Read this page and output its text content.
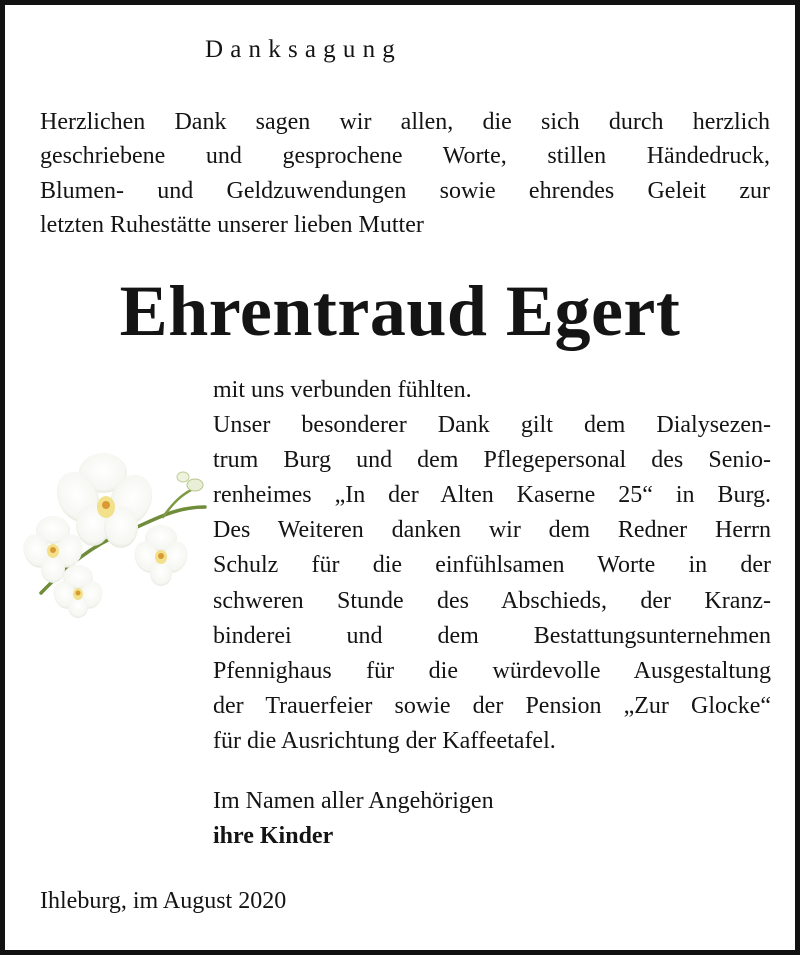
Danksagung
Herzlichen Dank sagen wir allen, die sich durch herzlich
geschriebene und gesprochene Worte, stillen Händedruck,
Blumen- und Geldzuwendungen sowie ehrendes Geleit zur
letzten Ruhestätte unserer lieben Mutter
Ehrentraud Egert
mit uns verbunden fühlten.
Unser besonderer Dank gilt dem Dialysezen-
trum Burg und dem Pflegepersonal des Senio-
renheimes „In der Alten Kaserne 25“ in Burg.
Des Weiteren danken wir dem Redner Herrn
Schulz für die einfühlsamen Worte in der
schweren Stunde des Abschieds, der Kranz-
binderei und dem Bestattungsunternehmen
Pfennighaus für die würdevolle Ausgestaltung
der Trauerfeier sowie der Pension „Zur Glocke“
für die Ausrichtung der Kaffeetafel.
Im Namen aller Angehörigen
ihre Kinder
Ihleburg, im August 2020
